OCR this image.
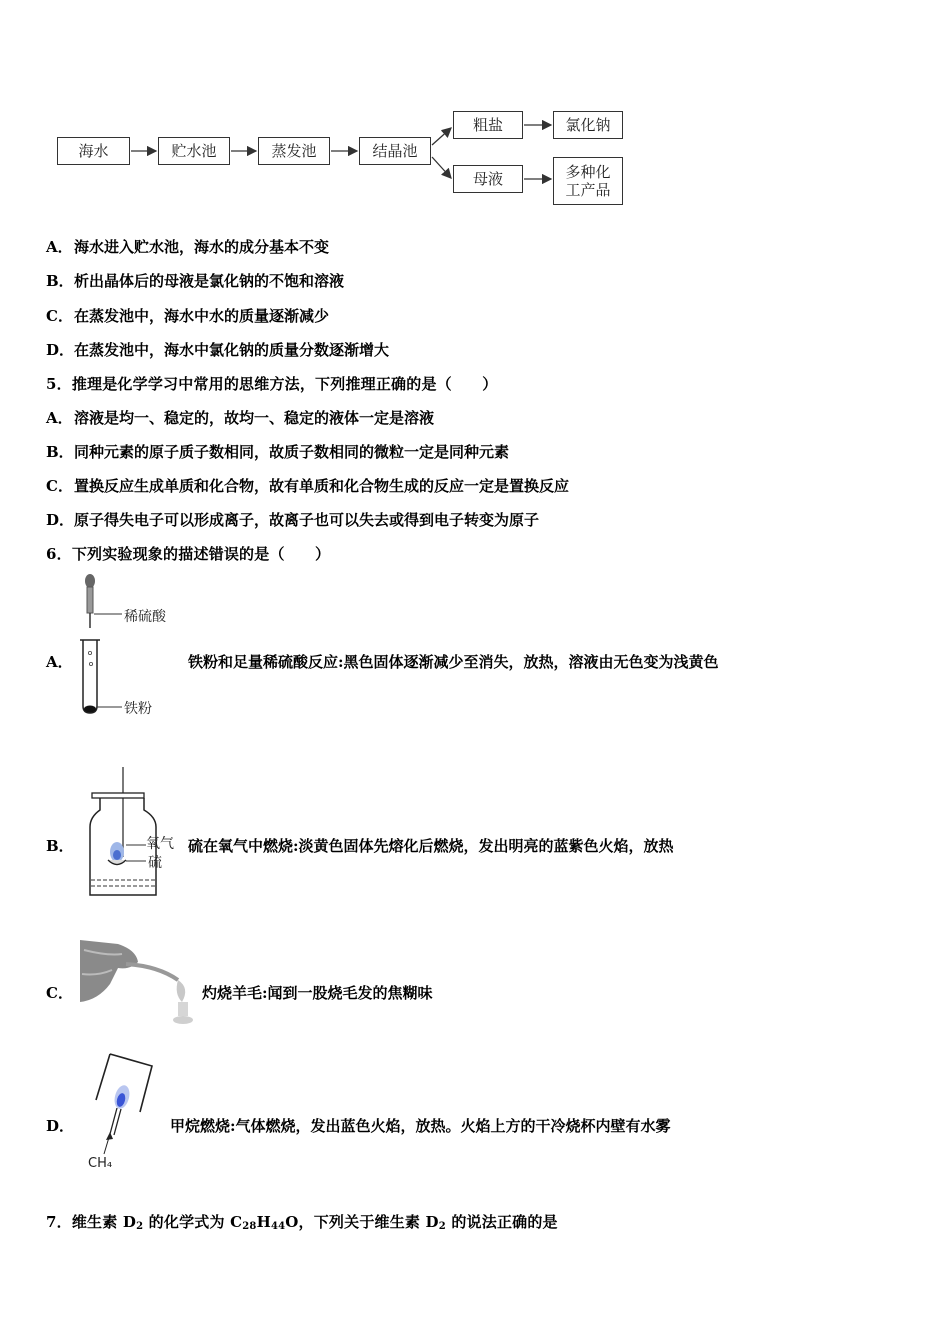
海水	贮水池	蒸发池	结晶池
粗盐	氯化钠
母液	多种化
工产品
A． 海水进入贮水池，海水的成分基本不变
B． 析出晶体后的母液是氯化钠的不饱和溶液
C． 在蒸发池中，海水中水的质量逐渐减少
D． 在蒸发池中，海水中氯化钠的质量分数逐渐增大
5．推理是化学学习中常用的思维方法，下列推理正确的是（　　）
A． 溶液是均一、稳定的，故均一、稳定的液体一定是溶液
B． 同种元素的原子质子数相同，故质子数相同的微粒一定是同种元素
C． 置换反应生成单质和化合物，故有单质和化合物生成的反应一定是置换反应
D． 原子得失电子可以形成离子，故离子也可以失去或得到电子转变为原子
6．下列实验现象的描述错误的是（　　）
A．
稀硫酸
铁粉
铁粉和足量稀硫酸反应:黑色固体逐渐减少至消失，放热，溶液由无色变为浅黄色
B．	氧气
硫
硫在氧气中燃烧:淡黄色固体先熔化后燃烧，发出明亮的蓝紫色火焰，放热
C．	灼烧羊毛:闻到一股烧毛发的焦糊味
D．
CH₄
甲烷燃烧:气体燃烧，发出蓝色火焰，放热。火焰上方的干冷烧杯内壁有水雾
7．维生素 $D_2$ 的化学式为 $C_{28}H_{44}O$，下列关于维生素 $D_2$ 的说法正确的是
